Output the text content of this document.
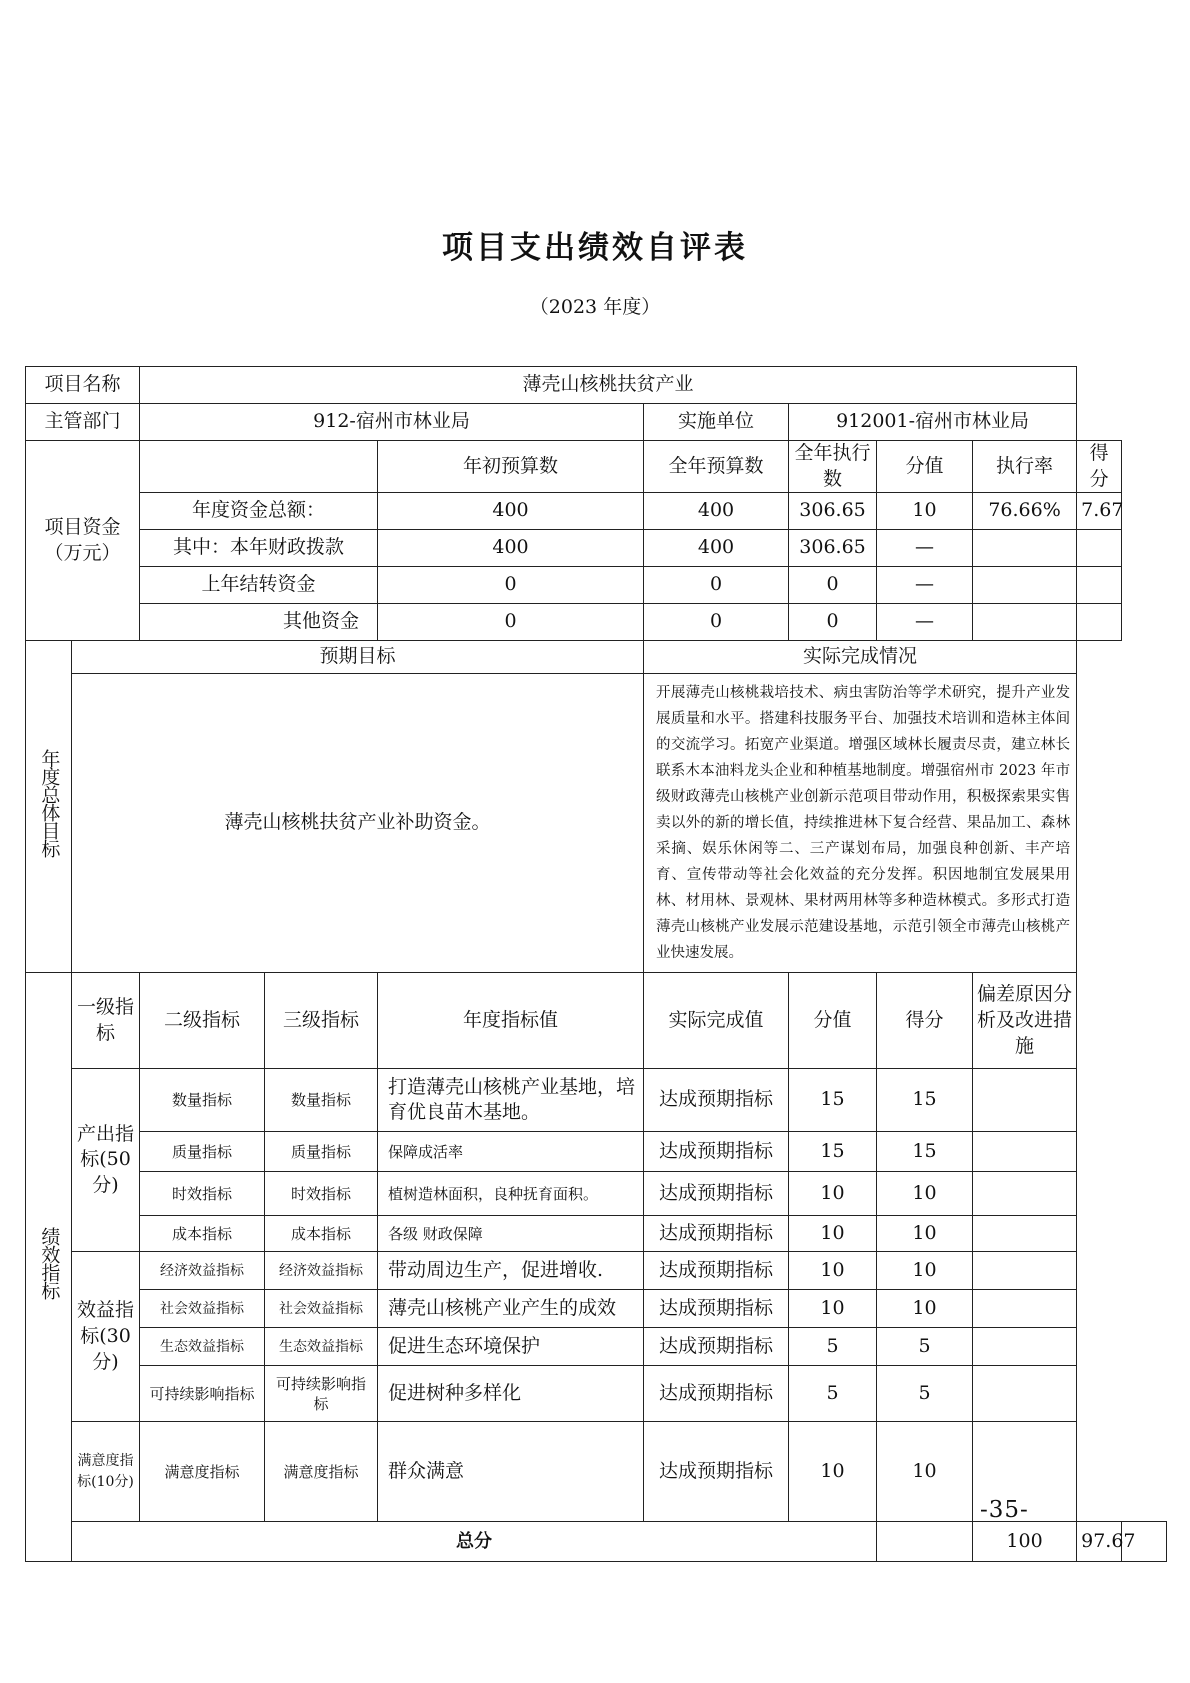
项目支出绩效自评表
（2023 年度）
项目名称		薄壳山核桃扶贫产业								
主管部门		912-宿州市林业局			实施单位	912001-宿州市林业局				

项目资金
（万元）				年初预算数	全年预算数	全年执行数	分值	执行率	得分	
		年度资金总额：		400	400	306.65	10	76.66%	7.67	
		其中：本年财政拨款		400	400	306.65	—			
		上年结转资金		0	0	0	—			
		其他资金		0	0	0	—			
年度总体目标	预期目标				实际完成情况					
	薄壳山核桃扶贫产业补助资金。				开展薄壳山核桃栽培技术、病虫害防治等学术研究，提升产业发展质量和水平。搭建科技服务平台、加强技术培训和造林主体间的交流学习。拓宽产业渠道。增强区域林长履责尽责，建立林长联系木本油料龙头企业和种植基地制度。增强宿州市 2023 年市级财政薄壳山核桃产业创新示范项目带动作用，积极探索果实售卖以外的新的增长值，持续推进林下复合经营、果品加工、森林采摘、娱乐休闲等二、三产谋划布局，加强良种创新、丰产培育、宣传带动等社会化效益的充分发挥。积因地制宜发展果用林、材用林、景观林、果材两用林等多种造林模式。多形式打造薄壳山核桃产业发展示范建设基地，示范引领全市薄壳山核桃产业快速发展。					
绩效指标	一级指标	二级指标	三级指标	年度指标值	实际完成值	分值	得分	偏差原因分析及改进措施		
	产出指标(50分)	数量指标	数量指标	打造薄壳山核桃产业基地，培育优良苗木基地。	达成预期指标	15	15			
		质量指标	质量指标	保障成活率	达成预期指标	15	15			
		时效指标	时效指标	植树造林面积，良种抚育面积。	达成预期指标	10	10			
		成本指标	成本指标	各级 财政保障	达成预期指标	10	10			
	效益指标(30分)	经济效益指标	经济效益指标	带动周边生产，促进增收.	达成预期指标	10	10			
		社会效益指标	社会效益指标	薄壳山核桃产业产生的成效	达成预期指标	10	10			
		生态效益指标	生态效益指标	促进生态环境保护	达成预期指标	5	5			
		可持续影响指标	可持续影响指标	促进树种多样化	达成预期指标	5	5			
	满意度指标(10分)	满意度指标	满意度指标	群众满意	达成预期指标	10	10			
	总分							100	97.67	
-35-
